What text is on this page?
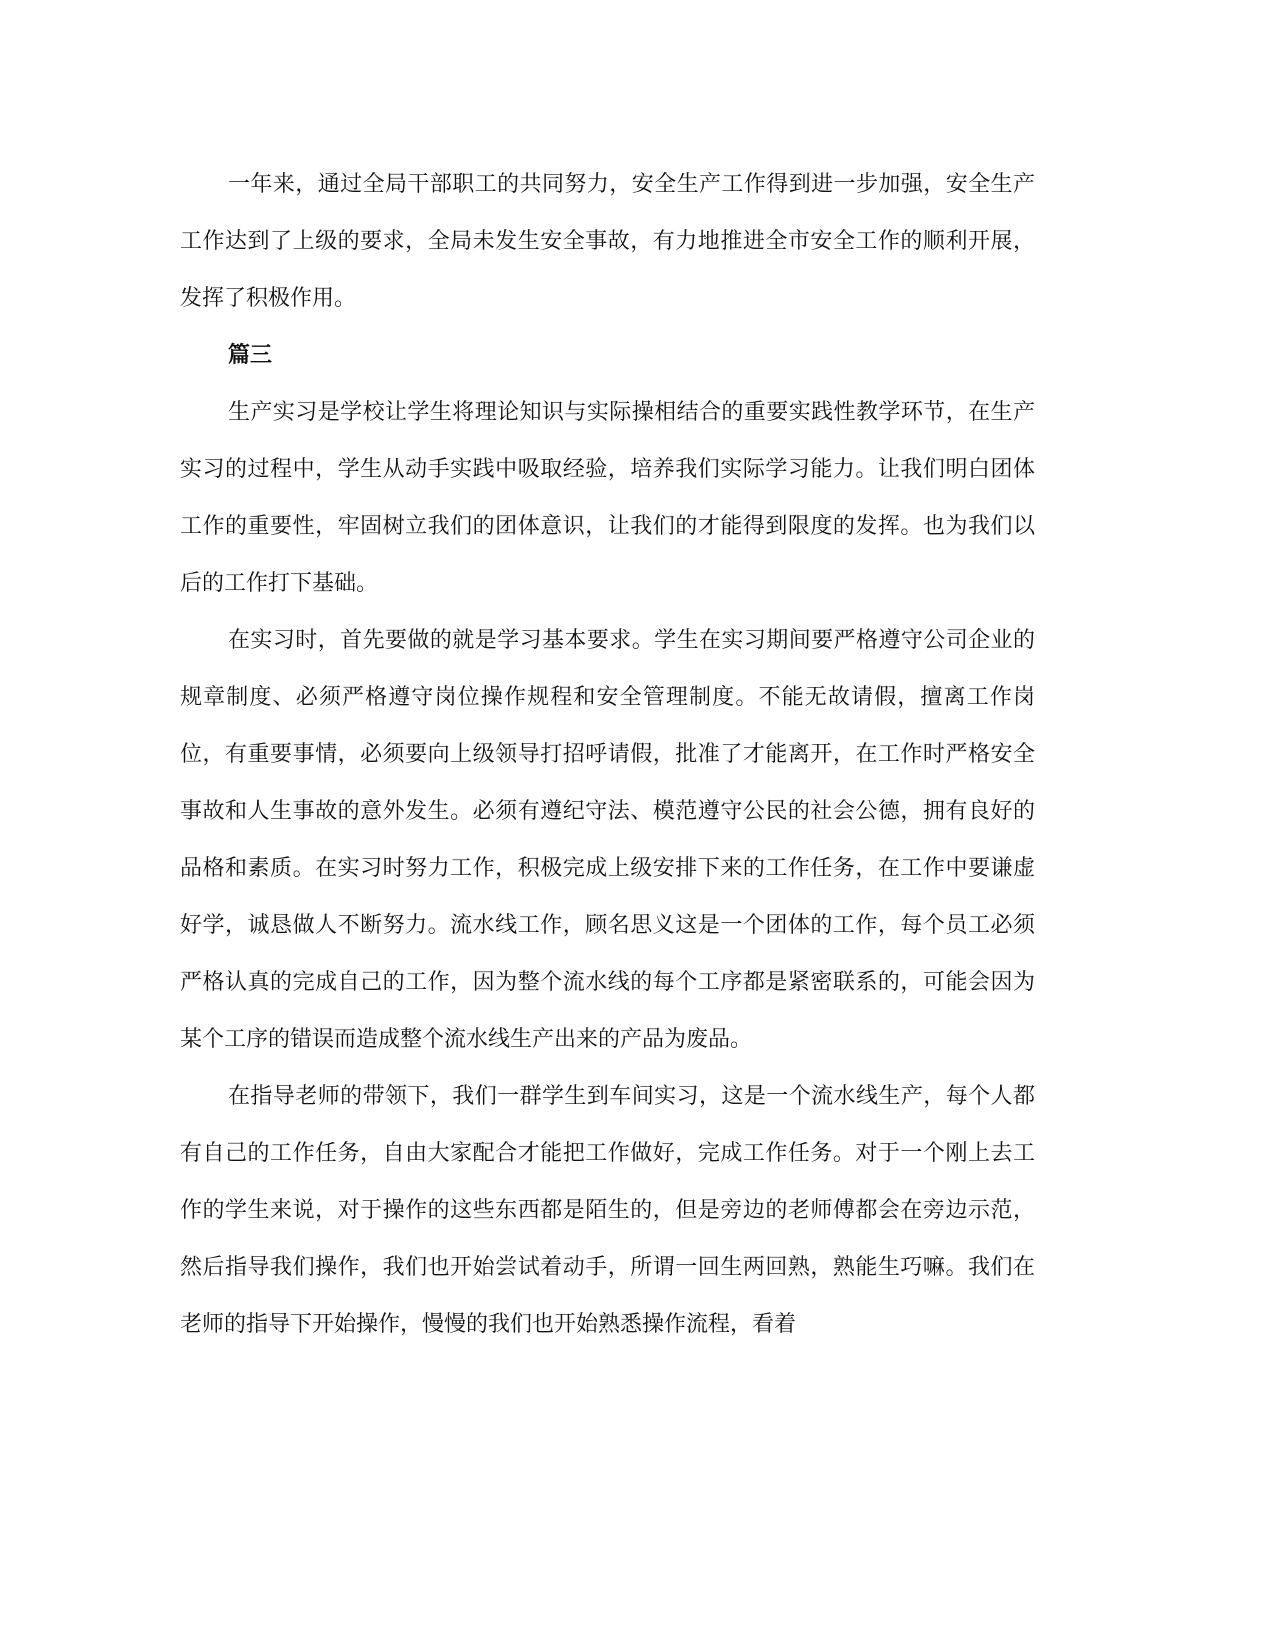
一年来，通过全局干部职工的共同努力，安全生产工作得到进一步加强，安全生产工作达到了上级的要求，全局未发生安全事故，有力地推进全市安全工作的顺利开展，发挥了积极作用。

篇三

生产实习是学校让学生将理论知识与实际操相结合的重要实践性教学环节，在生产实习的过程中，学生从动手实践中吸取经验，培养我们实际学习能力。让我们明白团体工作的重要性，牢固树立我们的团体意识，让我们的才能得到限度的发挥。也为我们以后的工作打下基础。

在实习时，首先要做的就是学习基本要求。学生在实习期间要严格遵守公司企业的规章制度、必须严格遵守岗位操作规程和安全管理制度。不能无故请假，擅离工作岗位，有重要事情，必须要向上级领导打招呼请假，批准了才能离开，在工作时严格安全事故和人生事故的意外发生。必须有遵纪守法、模范遵守公民的社会公德，拥有良好的品格和素质。在实习时努力工作，积极完成上级安排下来的工作任务，在工作中要谦虚好学，诚恳做人不断努力。流水线工作，顾名思义这是一个团体的工作，每个员工必须严格认真的完成自己的工作，因为整个流水线的每个工序都是紧密联系的，可能会因为某个工序的错误而造成整个流水线生产出来的产品为废品。

在指导老师的带领下，我们一群学生到车间实习，这是一个流水线生产，每个人都有自己的工作任务，自由大家配合才能把工作做好，完成工作任务。对于一个刚上去工作的学生来说，对于操作的这些东西都是陌生的，但是旁边的老师傅都会在旁边示范，然后指导我们操作，我们也开始尝试着动手，所谓一回生两回熟，熟能生巧嘛。我们在老师的指导下开始操作，慢慢的我们也开始熟悉操作流程，看着
